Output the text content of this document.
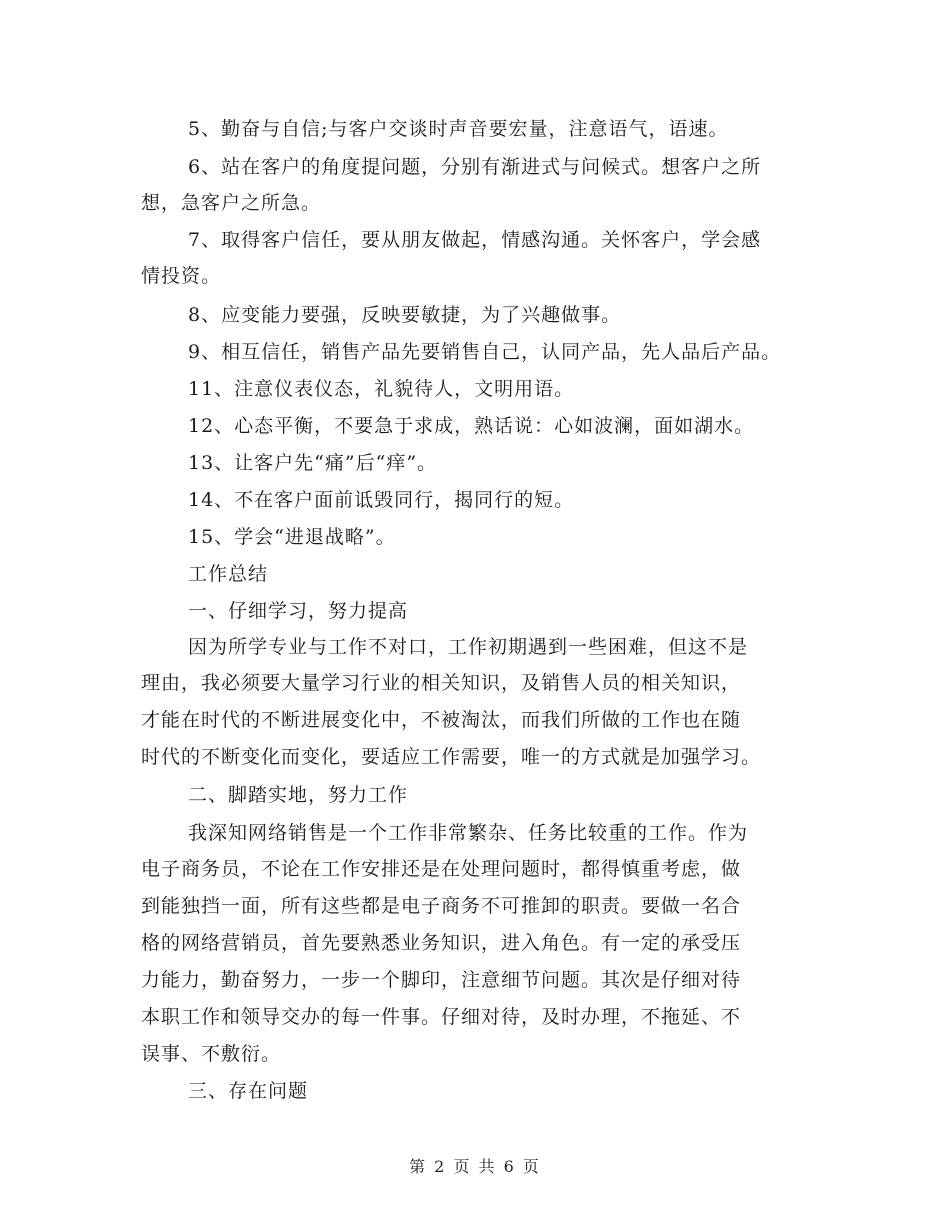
5、勤奋与自信;与客户交谈时声音要宏量，注意语气，语速。
6、站在客户的角度提问题，分别有渐进式与问候式。想客户之所
想，急客户之所急。
7、取得客户信任，要从朋友做起，情感沟通。关怀客户，学会感
情投资。
8、应变能力要强，反映要敏捷，为了兴趣做事。
9、相互信任，销售产品先要销售自己，认同产品，先人品后产品。
11、注意仪表仪态，礼貌待人，文明用语。
12、心态平衡，不要急于求成，熟话说：心如波澜，面如湖水。
13、让客户先“痛”后“痒”。
14、不在客户面前诋毁同行，揭同行的短。
15、学会“进退战略”。
工作总结
一、仔细学习，努力提高
因为所学专业与工作不对口，工作初期遇到一些困难，但这不是
理由，我必须要大量学习行业的相关知识，及销售人员的相关知识，
才能在时代的不断进展变化中，不被淘汰，而我们所做的工作也在随
时代的不断变化而变化，要适应工作需要，唯一的方式就是加强学习。
二、脚踏实地，努力工作
我深知网络销售是一个工作非常繁杂、任务比较重的工作。作为
电子商务员，不论在工作安排还是在处理问题时，都得慎重考虑，做
到能独挡一面，所有这些都是电子商务不可推卸的职责。要做一名合
格的网络营销员，首先要熟悉业务知识，进入角色。有一定的承受压
力能力，勤奋努力，一步一个脚印，注意细节问题。其次是仔细对待
本职工作和领导交办的每一件事。仔细对待，及时办理，不拖延、不
误事、不敷衍。
三、存在问题
第 2 页 共 6 页
